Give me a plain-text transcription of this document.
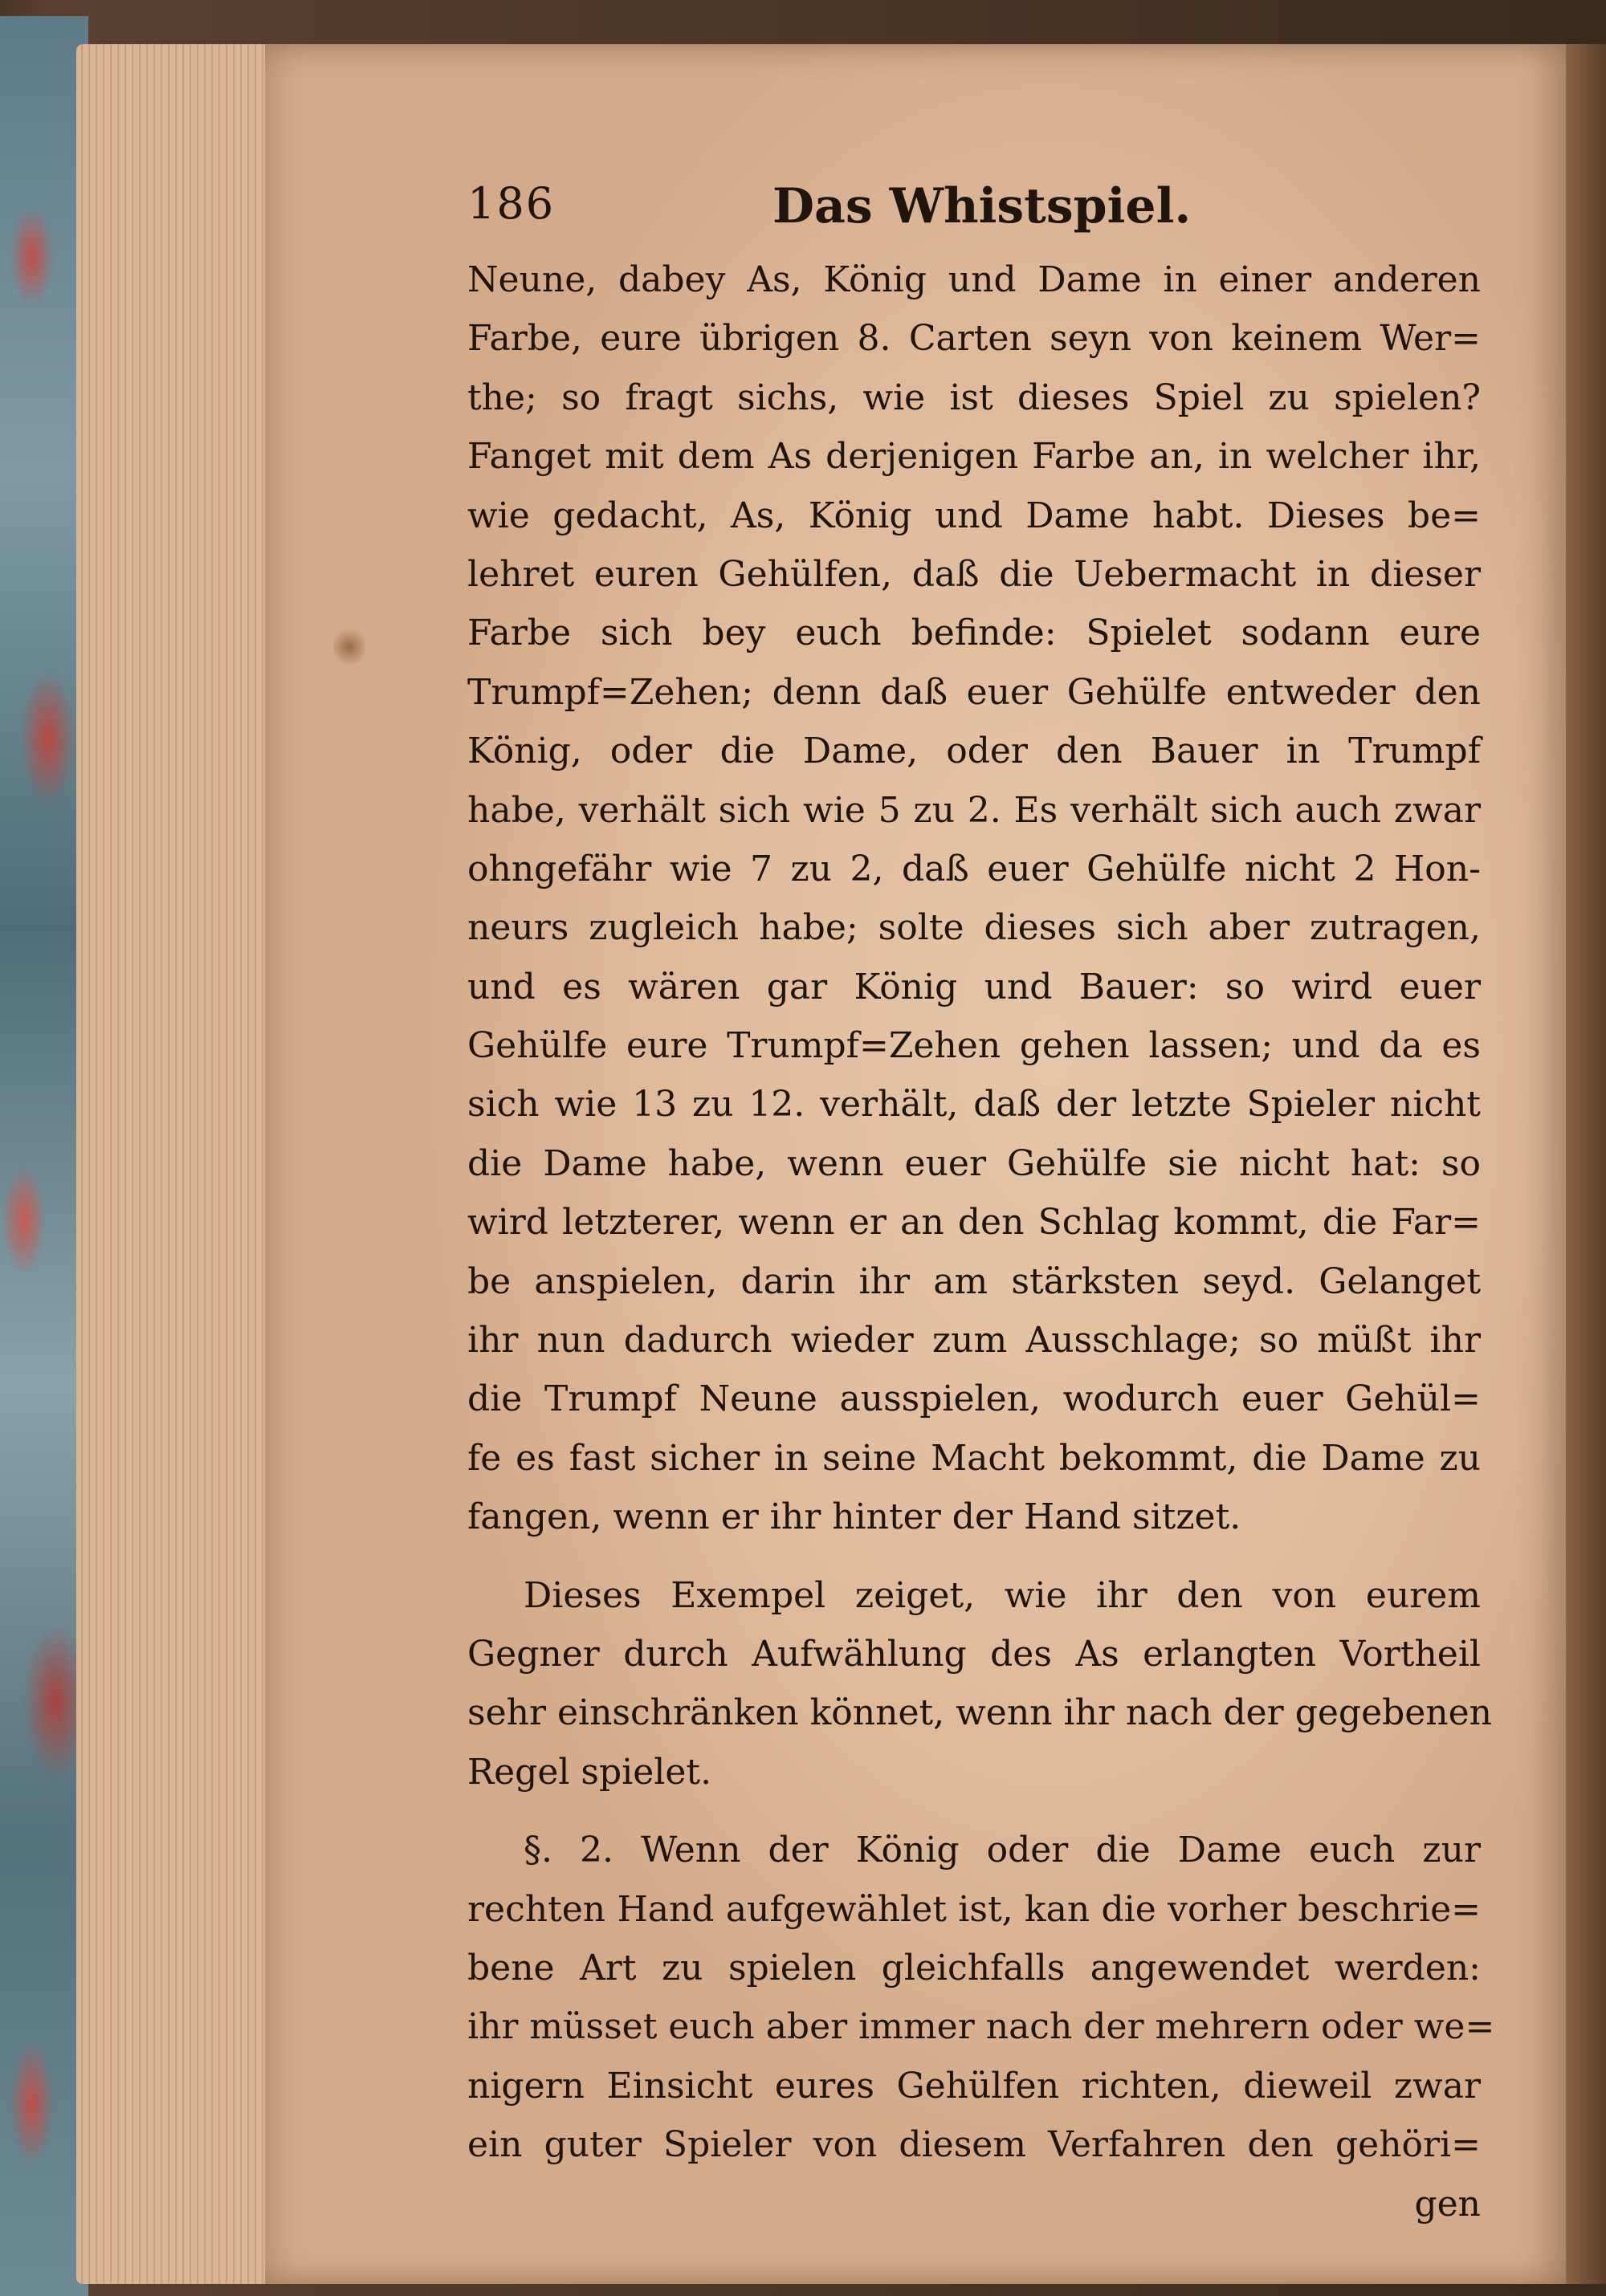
186	Das Whistspiel.
Neune, dabey As, König und Dame in einer anderen
Farbe, eure übrigen 8. Carten seyn von keinem Wer=
the; so fragt sichs, wie ist dieses Spiel zu spielen?
Fanget mit dem As derjenigen Farbe an, in welcher ihr,
wie gedacht, As, König und Dame habt. Dieses be=
lehret euren Gehülfen, daß die Uebermacht in dieser
Farbe sich bey euch befinde: Spielet sodann eure
Trumpf=Zehen; denn daß euer Gehülfe entweder den
König, oder die Dame, oder den Bauer in Trumpf
habe, verhält sich wie 5 zu 2. Es verhält sich auch zwar
ohngefähr wie 7 zu 2, daß euer Gehülfe nicht 2 Hon-
neurs zugleich habe; solte dieses sich aber zutragen,
und es wären gar König und Bauer: so wird euer
Gehülfe eure Trumpf=Zehen gehen lassen; und da es
sich wie 13 zu 12. verhält, daß der letzte Spieler nicht
die Dame habe, wenn euer Gehülfe sie nicht hat: so
wird letzterer, wenn er an den Schlag kommt, die Far=
be anspielen, darin ihr am stärksten seyd. Gelanget
ihr nun dadurch wieder zum Ausschlage; so müßt ihr
die Trumpf Neune ausspielen, wodurch euer Gehül=
fe es fast sicher in seine Macht bekommt, die Dame zu
fangen, wenn er ihr hinter der Hand sitzet.
Dieses Exempel zeiget, wie ihr den von eurem
Gegner durch Aufwählung des As erlangten Vortheil
sehr einschränken könnet, wenn ihr nach der gegebenen
Regel spielet.
§. 2. Wenn der König oder die Dame euch zur
rechten Hand aufgewählet ist, kan die vorher beschrie=
bene Art zu spielen gleichfalls angewendet werden:
ihr müsset euch aber immer nach der mehrern oder we=
nigern Einsicht eures Gehülfen richten, dieweil zwar
ein guter Spieler von diesem Verfahren den gehöri=
gen
